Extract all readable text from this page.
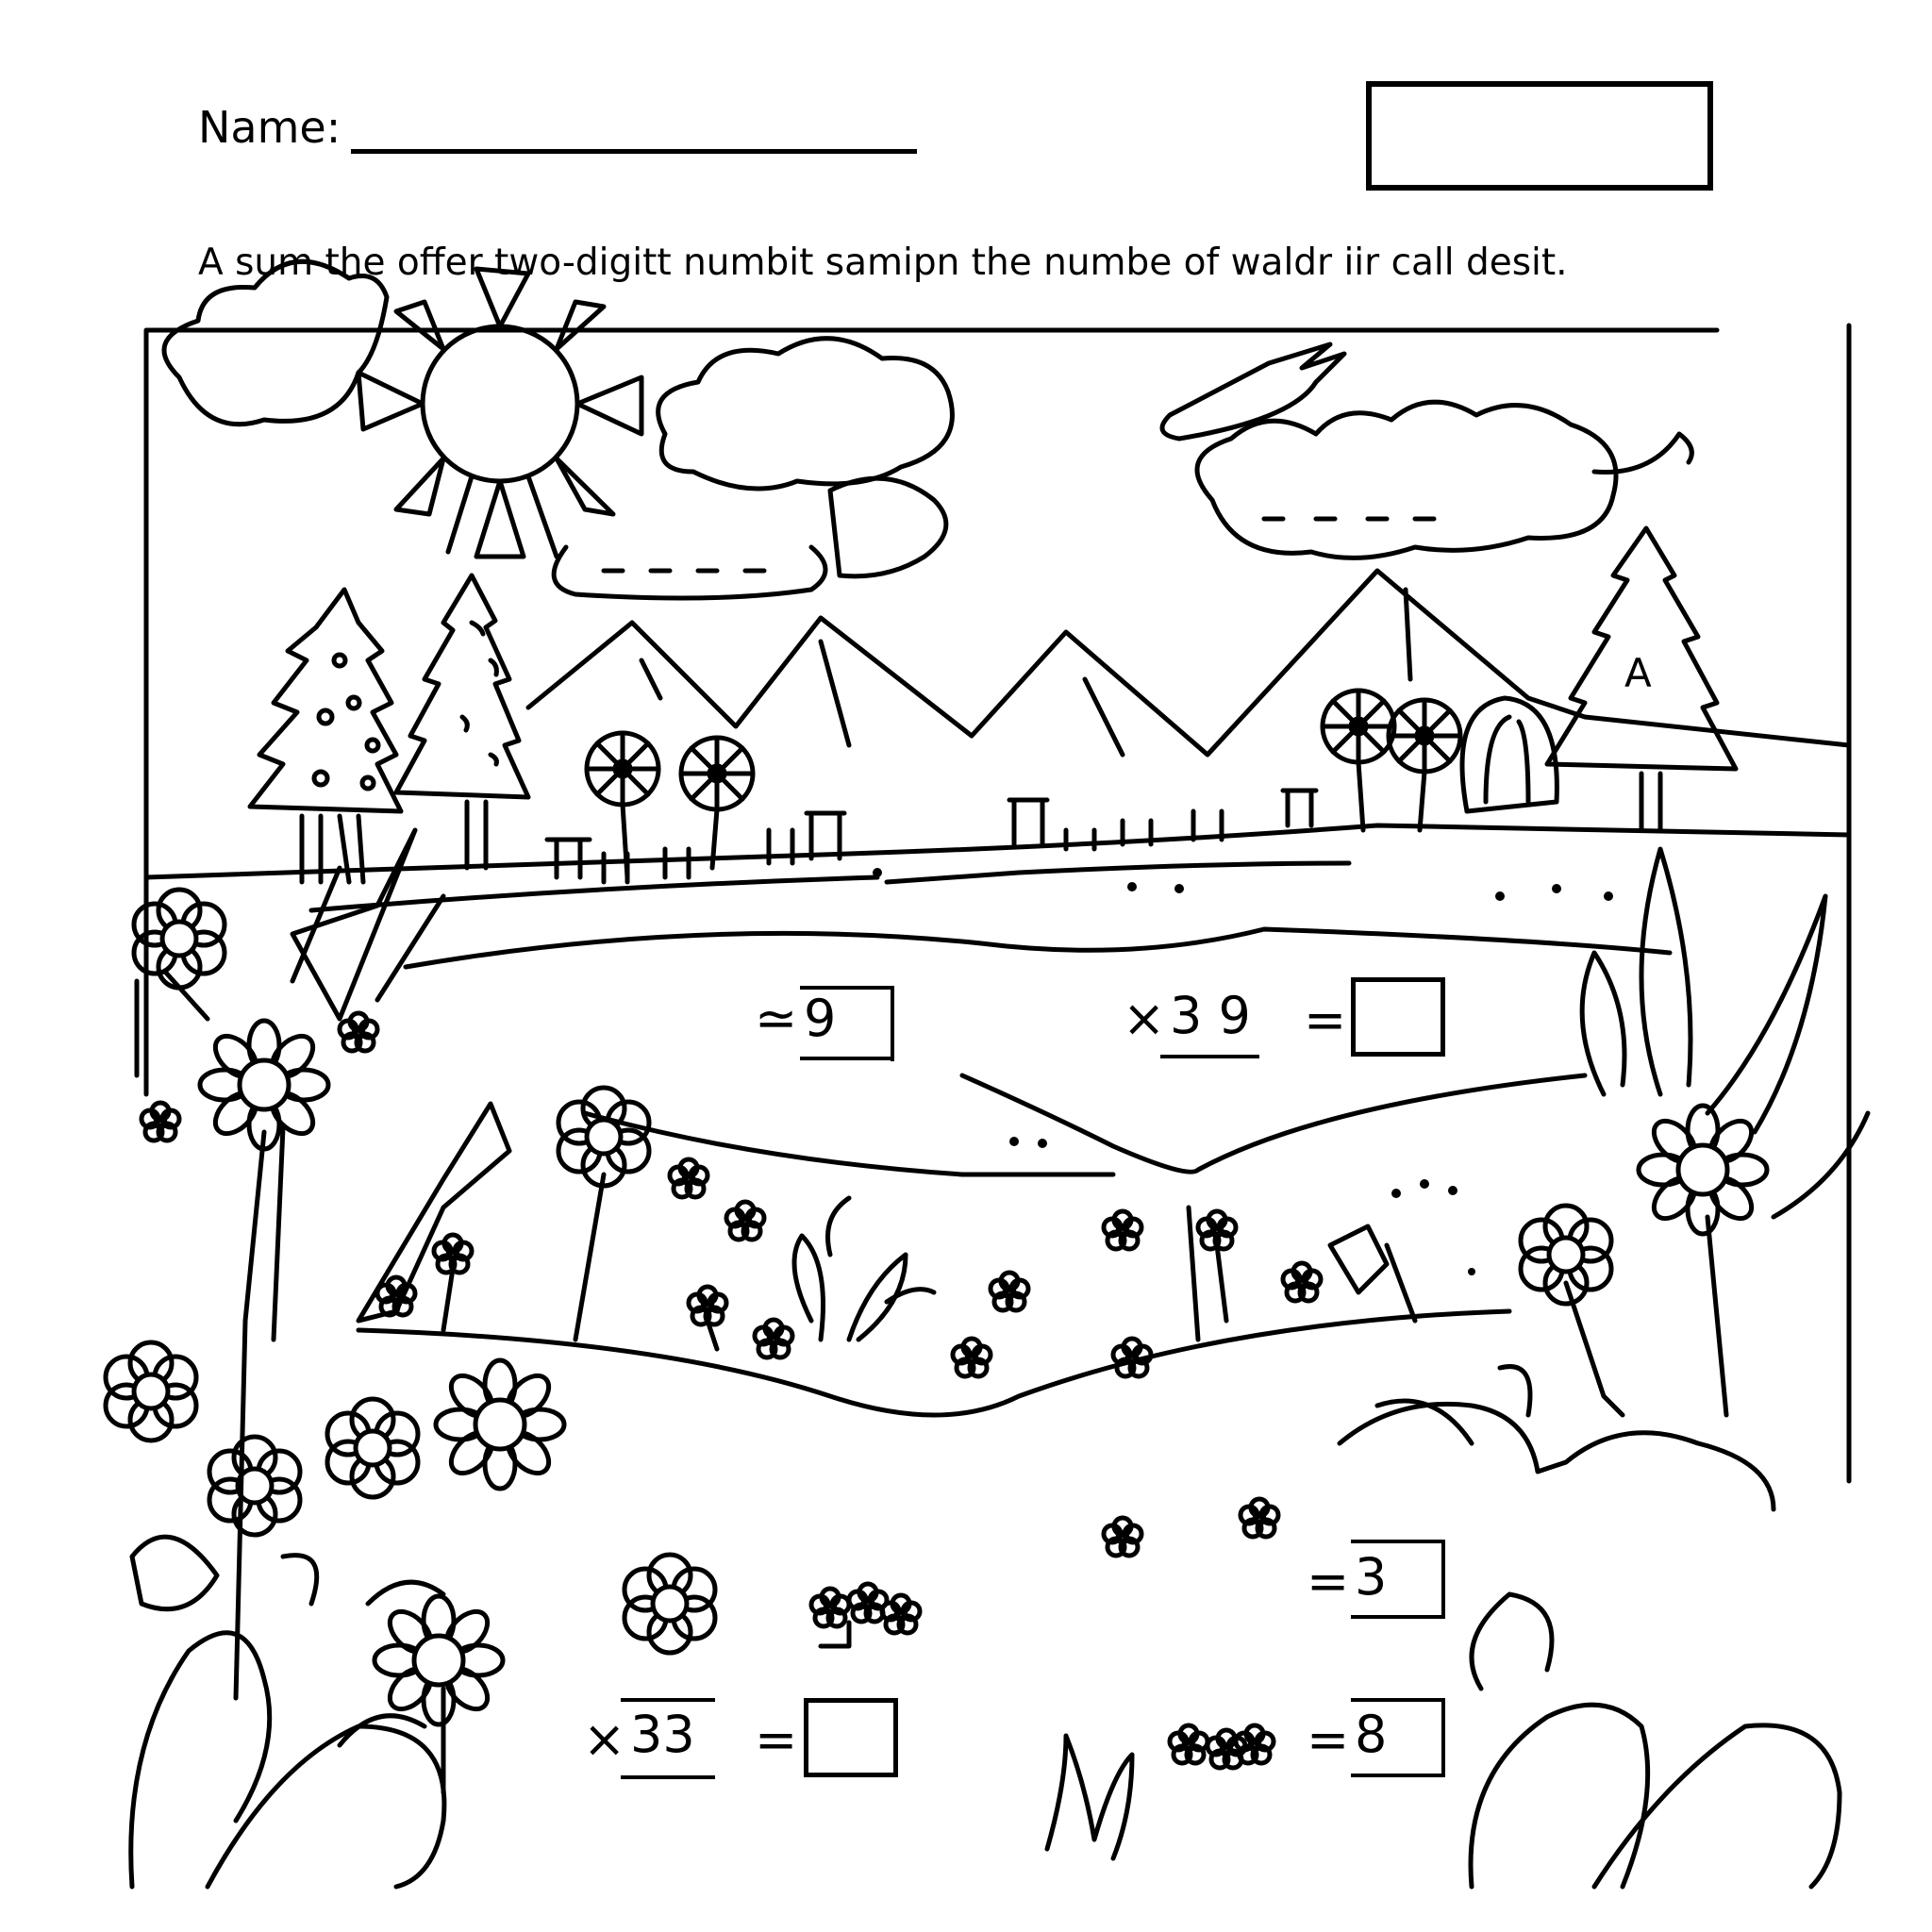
Name:
A sum the offer two-digitt numbit samipn the numbe of waldr iir call desit.
A
≃ 9	× 3 9 =
= 3
× 33 =	= 8
